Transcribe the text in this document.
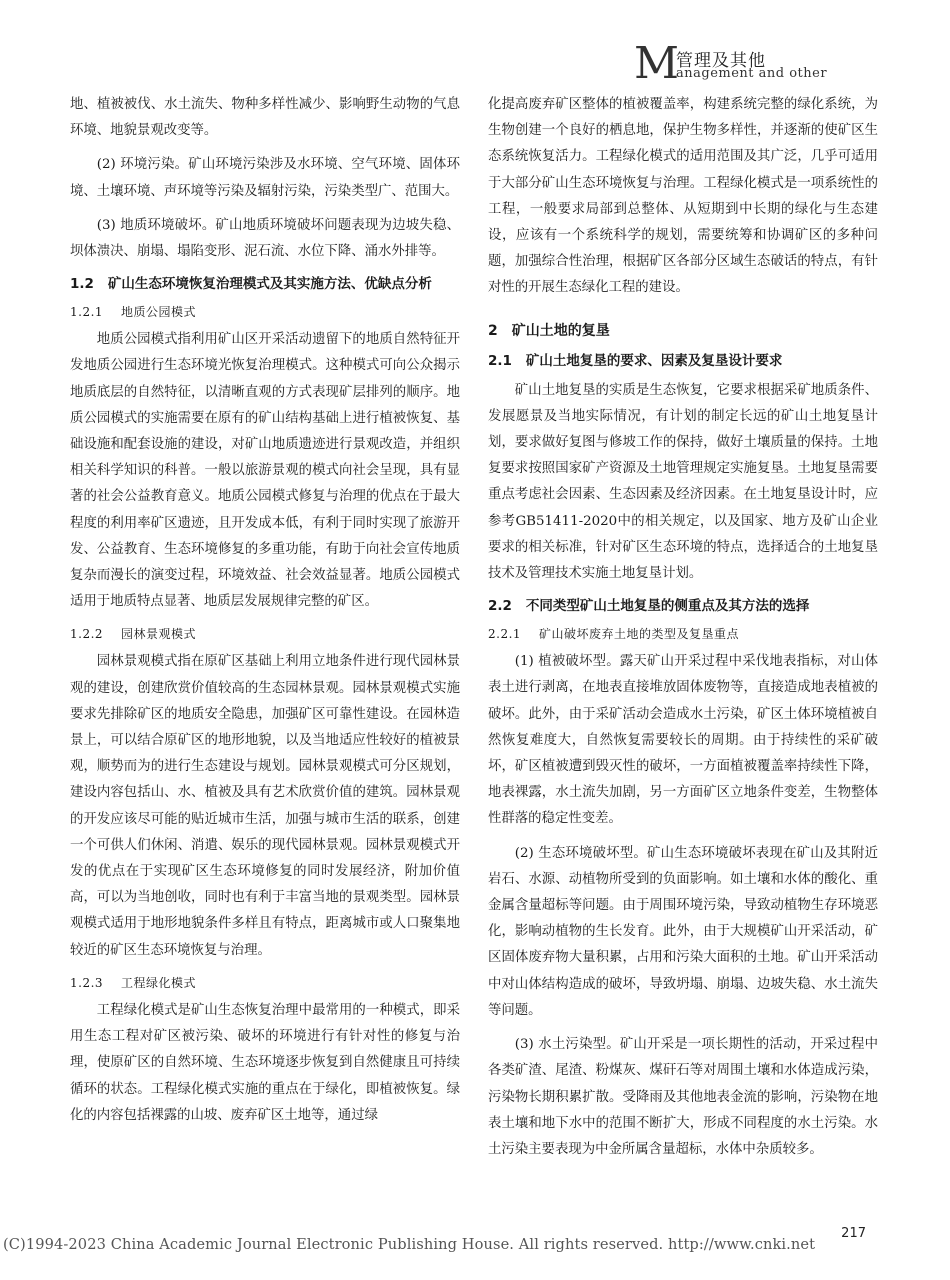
M
管理及其他
anagement and other

地、植被被伐、水土流失、物种多样性减少、影响野生动物的气息环境、地貌景观改变等。

(2) 环境污染。矿山环境污染涉及水环境、空气环境、固体环境、土壤环境、声环境等污染及辐射污染，污染类型广、范围大。

(3) 地质环境破坏。矿山地质环境破坏问题表现为边坡失稳、坝体溃决、崩塌、塌陷变形、泥石流、水位下降、涌水外排等。

1.2 矿山生态环境恢复治理模式及其实施方法、优缺点分析
1.2.1 地质公园模式

地质公园模式指利用矿山区开采活动遗留下的地质自然特征开发地质公园进行生态环境光恢复治理模式。这种模式可向公众揭示地质底层的自然特征，以清晰直观的方式表现矿层排列的顺序。地质公园模式的实施需要在原有的矿山结构基础上进行植被恢复、基础设施和配套设施的建设，对矿山地质遗迹进行景观改造，并组织相关科学知识的科普。一般以旅游景观的模式向社会呈现，具有显著的社会公益教育意义。地质公园模式修复与治理的优点在于最大程度的利用率矿区遗迹，且开发成本低，有利于同时实现了旅游开发、公益教育、生态环境修复的多重功能，有助于向社会宣传地质复杂而漫长的演变过程，环境效益、社会效益显著。地质公园模式适用于地质特点显著、地质层发展规律完整的矿区。

1.2.2 园林景观模式

园林景观模式指在原矿区基础上利用立地条件进行现代园林景观的建设，创建欣赏价值较高的生态园林景观。园林景观模式实施要求先排除矿区的地质安全隐患，加强矿区可靠性建设。在园林造景上，可以结合原矿区的地形地貌，以及当地适应性较好的植被景观，顺势而为的进行生态建设与规划。园林景观模式可分区规划，建设内容包括山、水、植被及具有艺术欣赏价值的建筑。园林景观的开发应该尽可能的贴近城市生活，加强与城市生活的联系，创建一个可供人们休闲、消遣、娱乐的现代园林景观。园林景观模式开发的优点在于实现矿区生态环境修复的同时发展经济，附加价值高，可以为当地创收，同时也有利于丰富当地的景观类型。园林景观模式适用于地形地貌条件多样且有特点，距离城市或人口聚集地较近的矿区生态环境恢复与治理。

1.2.3 工程绿化模式

工程绿化模式是矿山生态恢复治理中最常用的一种模式，即采用生态工程对矿区被污染、破坏的环境进行有针对性的修复与治理，使原矿区的自然环境、生态环境逐步恢复到自然健康且可持续循环的状态。工程绿化模式实施的重点在于绿化，即植被恢复。绿化的内容包括裸露的山坡、废弃矿区土地等，通过绿

化提高废弃矿区整体的植被覆盖率，构建系统完整的绿化系统，为生物创建一个良好的栖息地，保护生物多样性，并逐渐的使矿区生态系统恢复活力。工程绿化模式的适用范围及其广泛，几乎可适用于大部分矿山生态环境恢复与治理。工程绿化模式是一项系统性的工程，一般要求局部到总整体、从短期到中长期的绿化与生态建设，应该有一个系统科学的规划，需要统筹和协调矿区的多种问题，加强综合性治理，根据矿区各部分区域生态破话的特点，有针对性的开展生态绿化工程的建设。

2 矿山土地的复垦
2.1 矿山土地复垦的要求、因素及复垦设计要求

矿山土地复垦的实质是生态恢复，它要求根据采矿地质条件、发展愿景及当地实际情况，有计划的制定长远的矿山土地复垦计划，要求做好复图与修坡工作的保持，做好土壤质量的保持。土地复要求按照国家矿产资源及土地管理规定实施复垦。土地复垦需要重点考虑社会因素、生态因素及经济因素。在土地复垦设计时，应参考GB51411-2020中的相关规定，以及国家、地方及矿山企业要求的相关标准，针对矿区生态环境的特点，选择适合的土地复垦技术及管理技术实施土地复垦计划。

2.2 不同类型矿山土地复垦的侧重点及其方法的选择
2.2.1 矿山破坏废弃土地的类型及复垦重点

(1) 植被破坏型。露天矿山开采过程中采伐地表指标，对山体表土进行剥离，在地表直接堆放固体废物等，直接造成地表植被的破坏。此外，由于采矿活动会造成水土污染，矿区土体环境植被自然恢复难度大，自然恢复需要较长的周期。由于持续性的采矿破坏，矿区植被遭到毁灭性的破坏，一方面植被覆盖率持续性下降，地表裸露，水土流失加剧，另一方面矿区立地条件变差，生物整体性群落的稳定性变差。

(2) 生态环境破坏型。矿山生态环境破坏表现在矿山及其附近岩石、水源、动植物所受到的负面影响。如土壤和水体的酸化、重金属含量超标等问题。由于周围环境污染，导致动植物生存环境恶化，影响动植物的生长发育。此外，由于大规模矿山开采活动，矿区固体废弃物大量积累，占用和污染大面积的土地。矿山开采活动中对山体结构造成的破坏，导致坍塌、崩塌、边坡失稳、水土流失等问题。

(3) 水土污染型。矿山开采是一项长期性的活动，开采过程中各类矿渣、尾渣、粉煤灰、煤矸石等对周围土壤和水体造成污染，污染物长期积累扩散。受降雨及其他地表金流的影响，污染物在地表土壤和地下水中的范围不断扩大，形成不同程度的水土污染。水土污染主要表现为中金所属含量超标，水体中杂质较多。

217
(C)1994-2023 China Academic Journal Electronic Publishing House. All rights reserved. http://www.cnki.net
